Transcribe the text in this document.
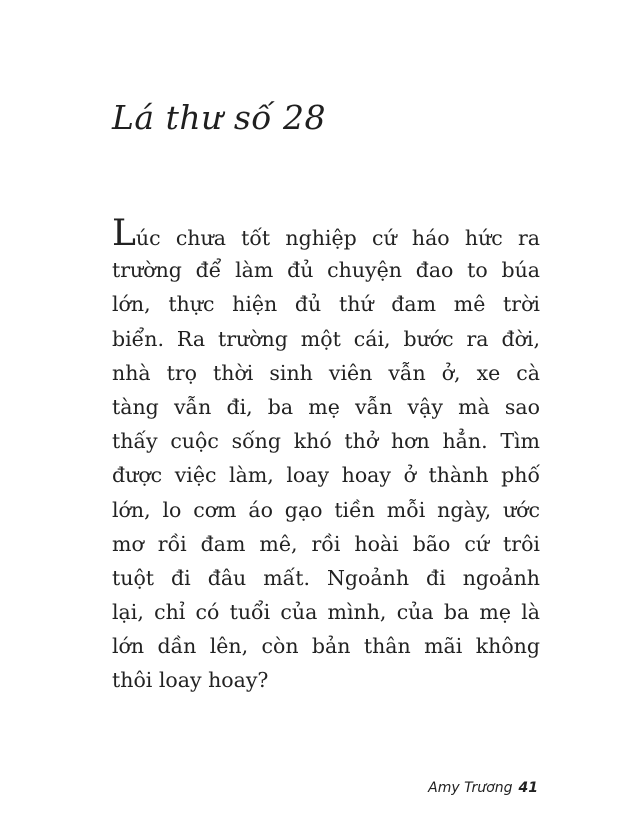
Lá thư số 28
Lúc chưa tốt nghiệp cứ háo hức ra
trường để làm đủ chuyện đao to búa
lớn, thực hiện đủ thứ đam mê trời
biển. Ra trường một cái, bước ra đời,
nhà trọ thời sinh viên vẫn ở, xe cà
tàng vẫn đi, ba mẹ vẫn vậy mà sao
thấy cuộc sống khó thở hơn hẳn. Tìm
được việc làm, loay hoay ở thành phố
lớn, lo cơm áo gạo tiền mỗi ngày, ước
mơ rồi đam mê, rồi hoài bão cứ trôi
tuột đi đâu mất. Ngoảnh đi ngoảnh
lại, chỉ có tuổi của mình, của ba mẹ là
lớn dần lên, còn bản thân mãi không
thôi loay hoay?
Amy Trương 41
